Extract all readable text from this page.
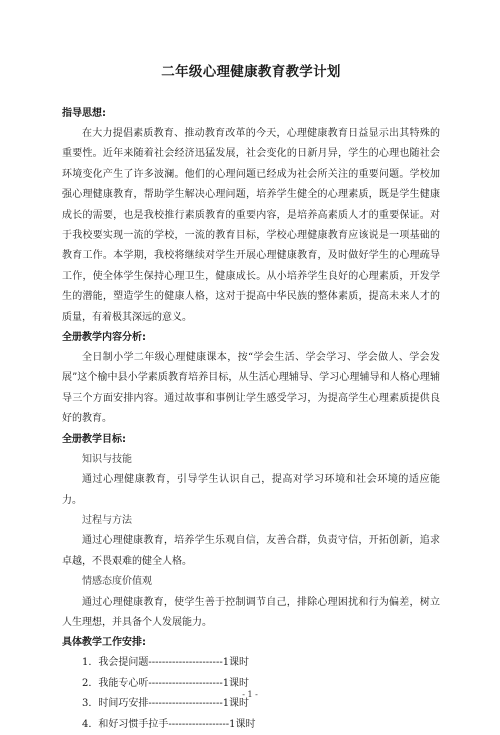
二年级心理健康教育教学计划

指导思想:

在大力提倡素质教育、推动教育改革的今天，心理健康教育日益显示出其特殊的重要性。近年来随着社会经济迅猛发展，社会变化的日新月异，学生的心理也随社会环境变化产生了许多波澜。他们的心理问题已经成为社会所关注的重要问题。学校加强心理健康教育，帮助学生解决心理问题，培养学生健全的心理素质，既是学生健康成长的需要，也是我校推行素质教育的重要内容，是培养高素质人才的重要保证。对于我校要实现一流的学校，一流的教育目标，学校心理健康教育应该说是一项基础的教育工作。本学期，我校将继续对学生开展心理健康教育，及时做好学生的心理疏导工作，使全体学生保持心理卫生，健康成长。从小培养学生良好的心理素质，开发学生的潜能，塑造学生的健康人格，这对于提高中华民族的整体素质，提高未来人才的质量，有着极其深远的意义。

全册教学内容分析:

全日制小学二年级心理健康课本，按“学会生活、学会学习、学会做人、学会发展”这个榆中县小学素质教育培养目标，从生活心理辅导、学习心理辅导和人格心理辅导三个方面安排内容。通过故事和事例让学生感受学习，为提高学生心理素质提供良好的教育。

全册教学目标:

知识与技能

通过心理健康教育，引导学生认识自己，提高对学习环境和社会环境的适应能力。

过程与方法

通过心理健康教育，培养学生乐观自信，友善合群，负责守信，开拓创新，追求卓越，不畏艰难的健全人格。

情感态度价值观

通过心理健康教育，使学生善于控制调节自己，排除心理困扰和行为偏差，树立人生理想，并具备个人发展能力。

具体教学工作安排:

1．我会提问题----------------------1课时
2．我能专心听----------------------1课时
3．时间巧安排----------------------1课时
4．和好习惯手拉手------------------1课时
- 1 -
